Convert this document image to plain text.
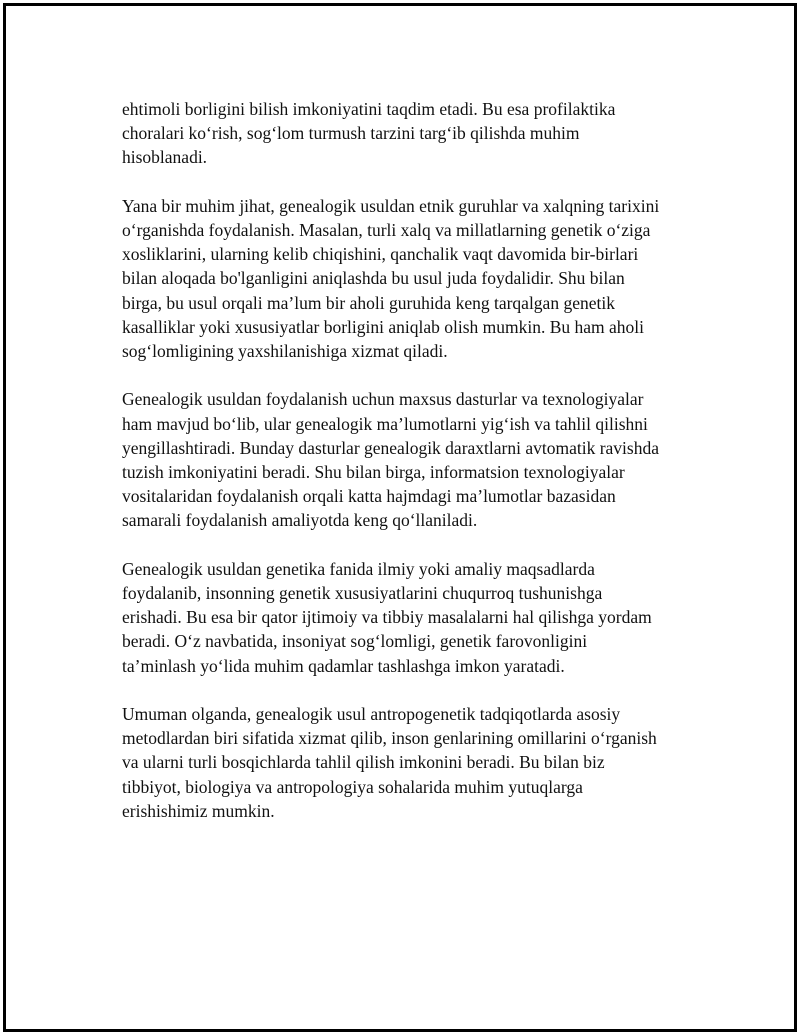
ehtimoli borligini bilish imkoniyatini taqdim etadi. Bu esa profilaktika
choralari ko‘rish, sog‘lom turmush tarzini targ‘ib qilishda muhim
hisoblanadi.

Yana bir muhim jihat, genealogik usuldan etnik guruhlar va xalqning tarixini
o‘rganishda foydalanish. Masalan, turli xalq va millatlarning genetik o‘ziga
xosliklarini, ularning kelib chiqishini, qanchalik vaqt davomida bir-birlari
bilan aloqada bo'lganligini aniqlashda bu usul juda foydalidir. Shu bilan
birga, bu usul orqali ma’lum bir aholi guruhida keng tarqalgan genetik
kasalliklar yoki xususiyatlar borligini aniqlab olish mumkin. Bu ham aholi
sog‘lomligining yaxshilanishiga xizmat qiladi.

Genealogik usuldan foydalanish uchun maxsus dasturlar va texnologiyalar
ham mavjud bo‘lib, ular genealogik ma’lumotlarni yig‘ish va tahlil qilishni
yengillashtiradi. Bunday dasturlar genealogik daraxtlarni avtomatik ravishda
tuzish imkoniyatini beradi. Shu bilan birga, informatsion texnologiyalar
vositalaridan foydalanish orqali katta hajmdagi ma’lumotlar bazasidan
samarali foydalanish amaliyotda keng qo‘llaniladi.

Genealogik usuldan genetika fanida ilmiy yoki amaliy maqsadlarda
foydalanib, insonning genetik xususiyatlarini chuqurroq tushunishga
erishadi. Bu esa bir qator ijtimoiy va tibbiy masalalarni hal qilishga yordam
beradi. O‘z navbatida, insoniyat sog‘lomligi, genetik farovonligini
ta’minlash yo‘lida muhim qadamlar tashlashga imkon yaratadi.

Umuman olganda, genealogik usul antropogenetik tadqiqotlarda asosiy
metodlardan biri sifatida xizmat qilib, inson genlarining omillarini o‘rganish
va ularni turli bosqichlarda tahlil qilish imkonini beradi. Bu bilan biz
tibbiyot, biologiya va antropologiya sohalarida muhim yutuqlarga
erishishimiz mumkin.
